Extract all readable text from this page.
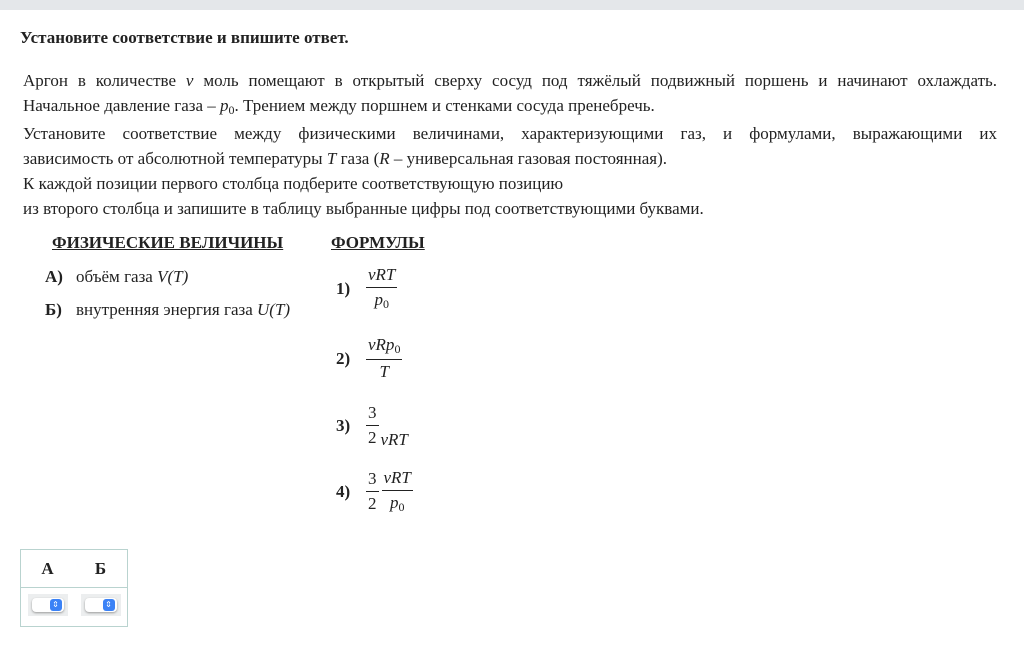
Установите соответствие и впишите ответ.
Аргон в количестве ν моль помещают в открытый сверху сосуд под тяжёлый подвижный поршень и начинают охлаждать.
Начальное давление газа – $p_0$. Трением между поршнем и стенками сосуда пренебречь.
Установите соответствие между физическими величинами, характеризующими газ, и формулами, выражающими их
зависимость от абсолютной температуры T газа (R – универсальная газовая постоянная).
К каждой позиции первого столбца подберите соответствующую позицию
из второго столбца и запишите в таблицу выбранные цифры под соответствующими буквами.
ФИЗИЧЕСКИЕ ВЕЛИЧИНЫ	ФОРМУЛЫ
А) объём газа V(T)
Б) внутренняя энергия газа U(T)
$1) \frac{\text{νRT}}{p_0}$
$2) \frac{\nu Rp_0}{T}$
$3) \frac{3}{2}$ νRT
$4) \frac{3}{2} \frac{\text{νRT}}{p_0}$
А	Б

⇕	⇕
